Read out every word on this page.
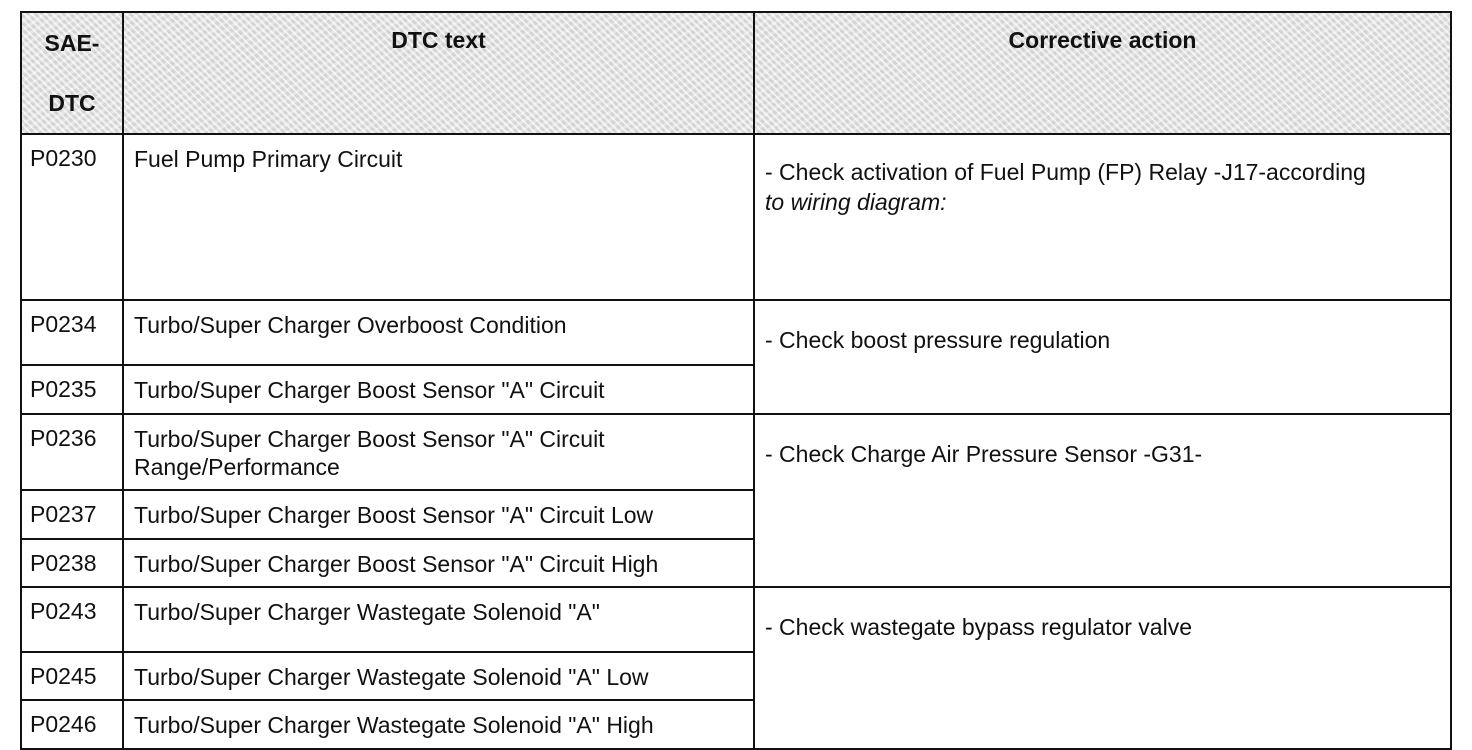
SAE-
DTC	DTC text	Corrective action
P0230	Fuel Pump Primary Circuit	- Check activation of Fuel Pump (FP) Relay -J17-according
to wiring diagram:

P0234	Turbo/Super Charger Overboost Condition	- Check boost pressure regulation
P0235	Turbo/Super Charger Boost Sensor "A" Circuit	
P0236	Turbo/Super Charger Boost Sensor "A" Circuit Range/Performance	- Check Charge Air Pressure Sensor -G31-
P0237	Turbo/Super Charger Boost Sensor "A" Circuit Low	
P0238	Turbo/Super Charger Boost Sensor "A" Circuit High	
P0243	Turbo/Super Charger Wastegate Solenoid "A"	- Check wastegate bypass regulator valve
P0245	Turbo/Super Charger Wastegate Solenoid "A" Low	
P0246	Turbo/Super Charger Wastegate Solenoid "A" High	
